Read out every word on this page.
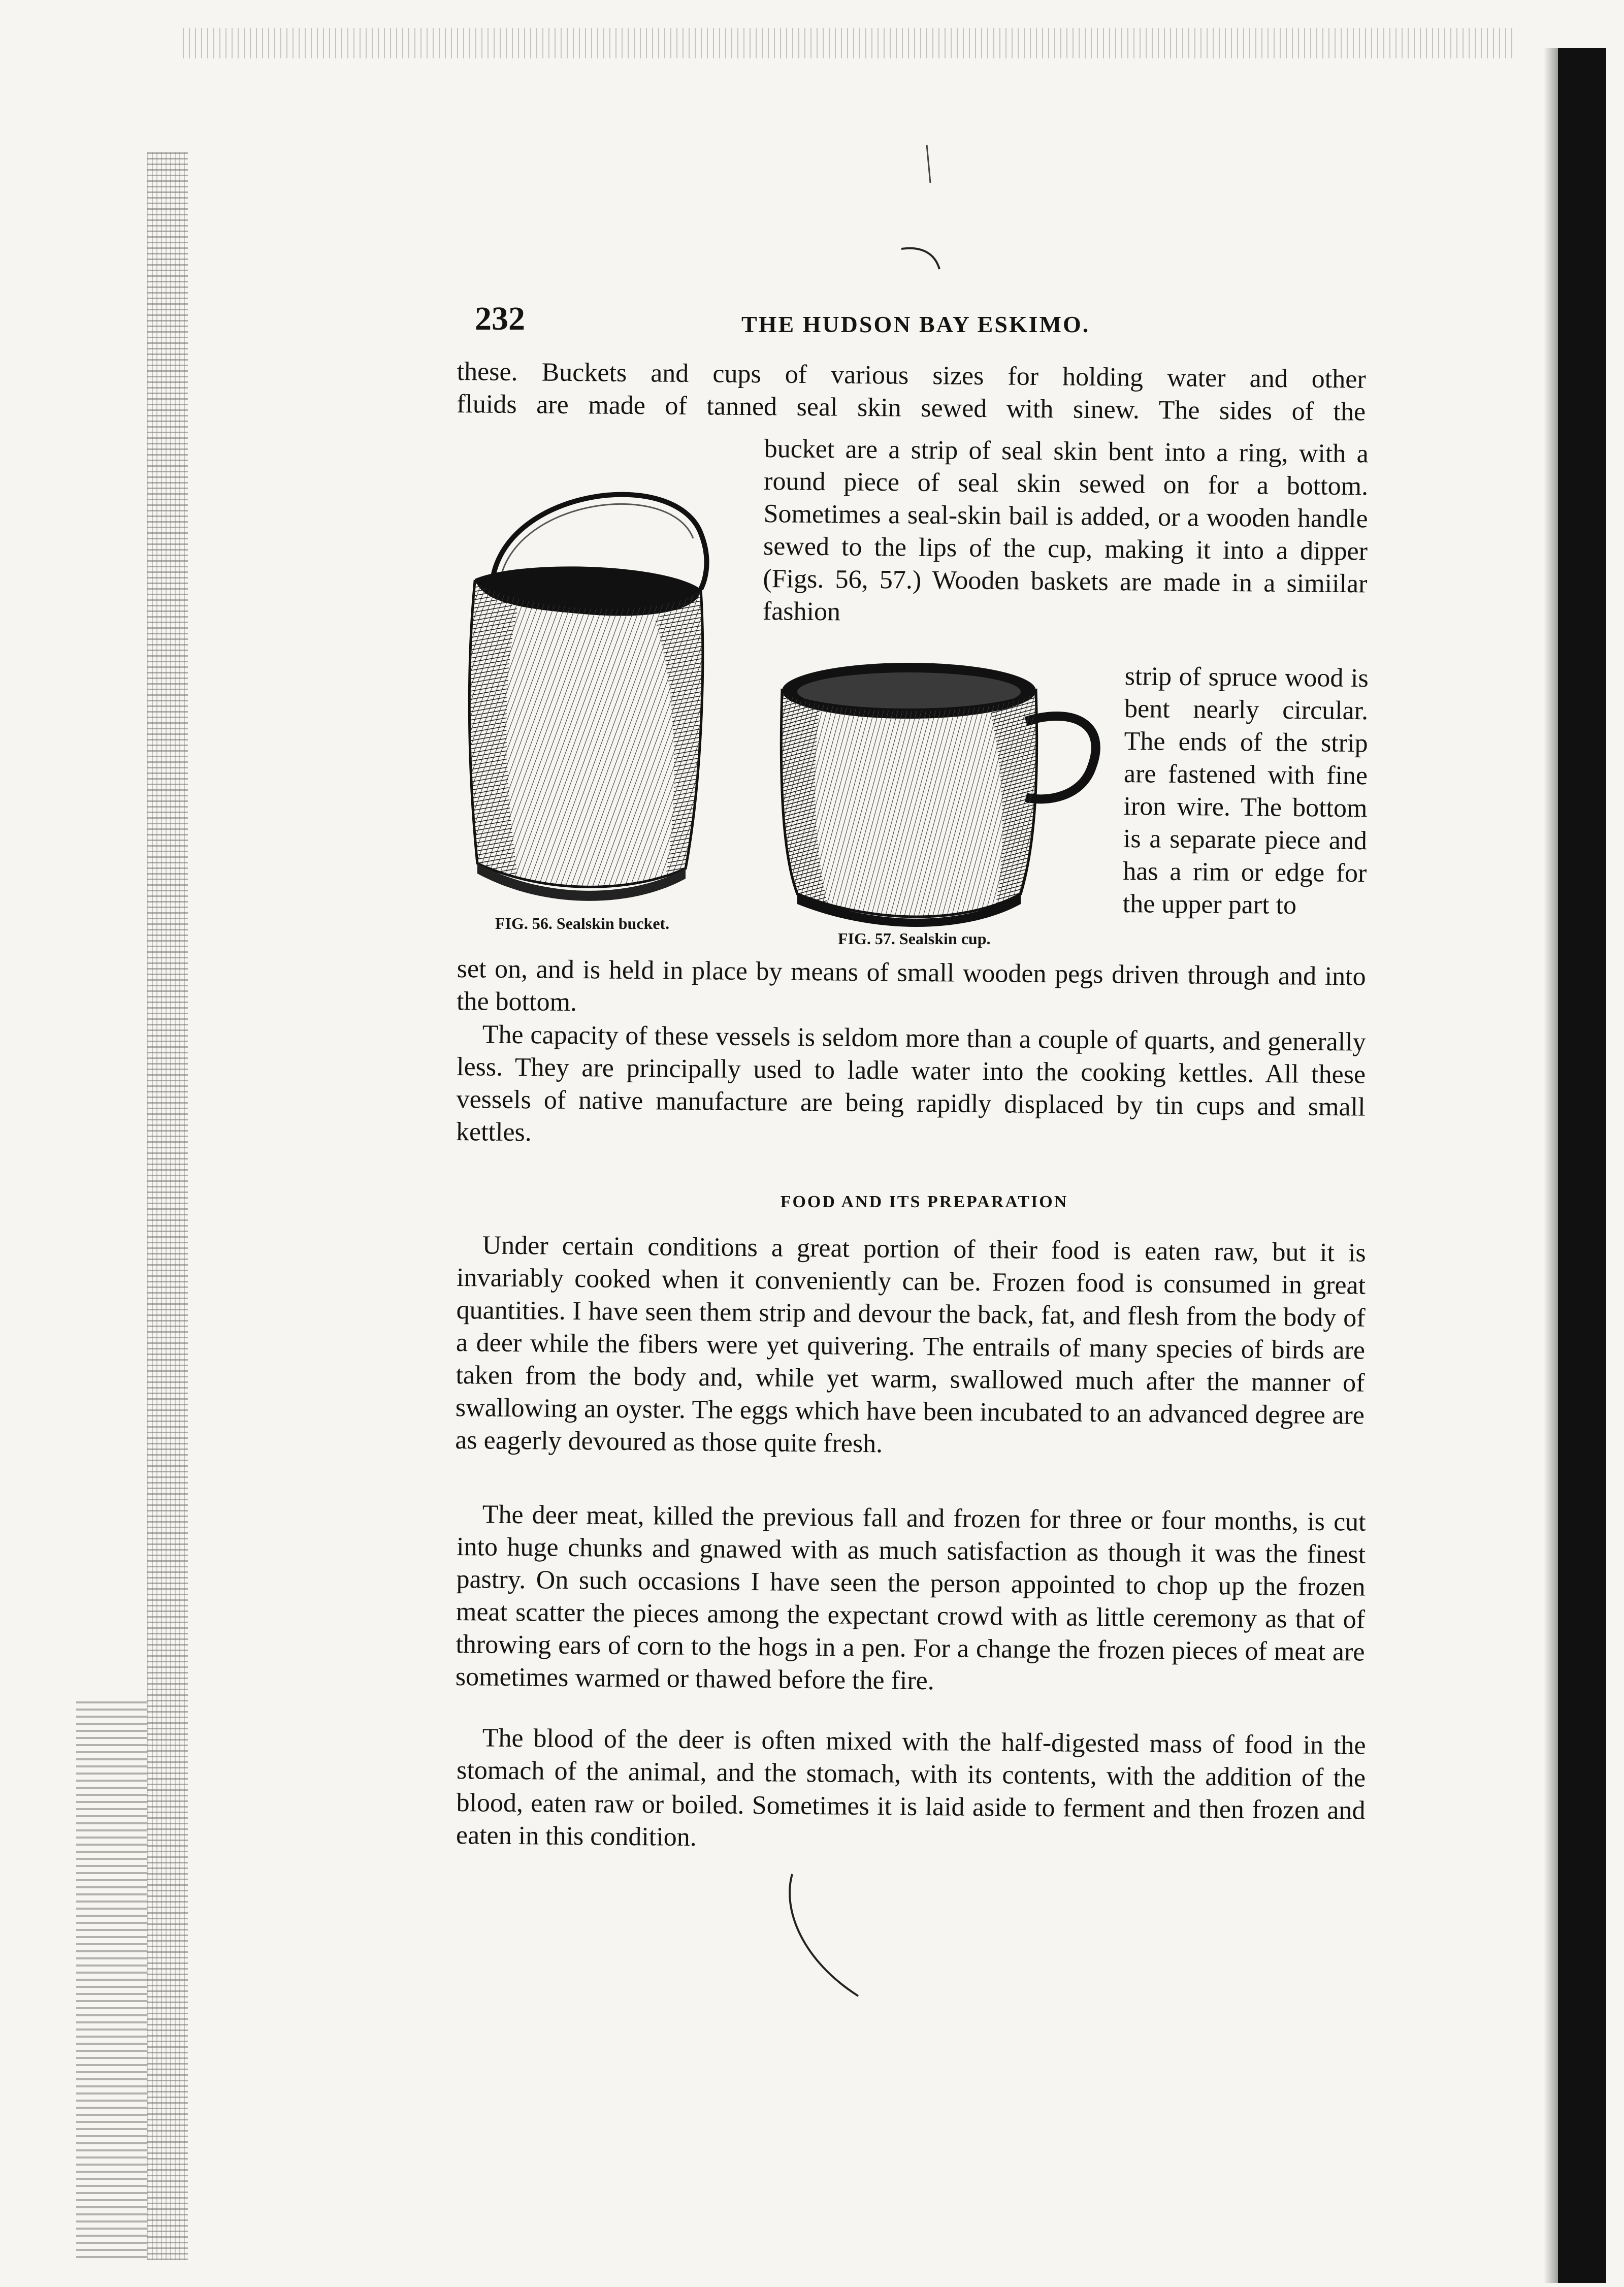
232	THE HUDSON BAY ESKIMO.

these. Buckets and cups of various sizes for holding water and other

fluids are made of tanned seal skin sewed with sinew. The sides of the

bucket are a strip of seal skin bent into a ring, with a round piece of seal skin sewed on for a bottom. Sometimes a seal-skin bail is added, or a wooden handle sewed to the lips of the cup, making it into a dipper (Figs. 56, 57.) Wooden baskets are made in a simiilar fashion
strip of spruce wood is bent nearly circular. The ends of the strip are fastened with fine iron wire. The bottom is a separate piece and has a rim or edge for the upper part to
FIG. 56. Sealskin bucket.
FIG. 57. Sealskin cup.
set on, and is held in place by means of small wooden pegs driven through and into the bottom.
The capacity of these vessels is seldom more than a couple of quarts, and generally less. They are principally used to ladle water into the cooking kettles. All these vessels of native manufacture are being rapidly displaced by tin cups and small kettles.
FOOD AND ITS PREPARATION
Under certain conditions a great portion of their food is eaten raw, but it is invariably cooked when it conveniently can be. Frozen food is consumed in great quantities. I have seen them strip and devour the back, fat, and flesh from the body of a deer while the fibers were yet quivering. The entrails of many species of birds are taken from the body and, while yet warm, swallowed much after the manner of swallowing an oyster. The eggs which have been incubated to an advanced degree are as eagerly devoured as those quite fresh.
The deer meat, killed the previous fall and frozen for three or four months, is cut into huge chunks and gnawed with as much satisfaction as though it was the finest pastry. On such occasions I have seen the person appointed to chop up the frozen meat scatter the pieces among the expectant crowd with as little ceremony as that of throwing ears of corn to the hogs in a pen. For a change the frozen pieces of meat are sometimes warmed or thawed before the fire.
The blood of the deer is often mixed with the half-digested mass of food in the stomach of the animal, and the stomach, with its contents, with the addition of the blood, eaten raw or boiled. Sometimes it is laid aside to ferment and then frozen and eaten in this condition.
